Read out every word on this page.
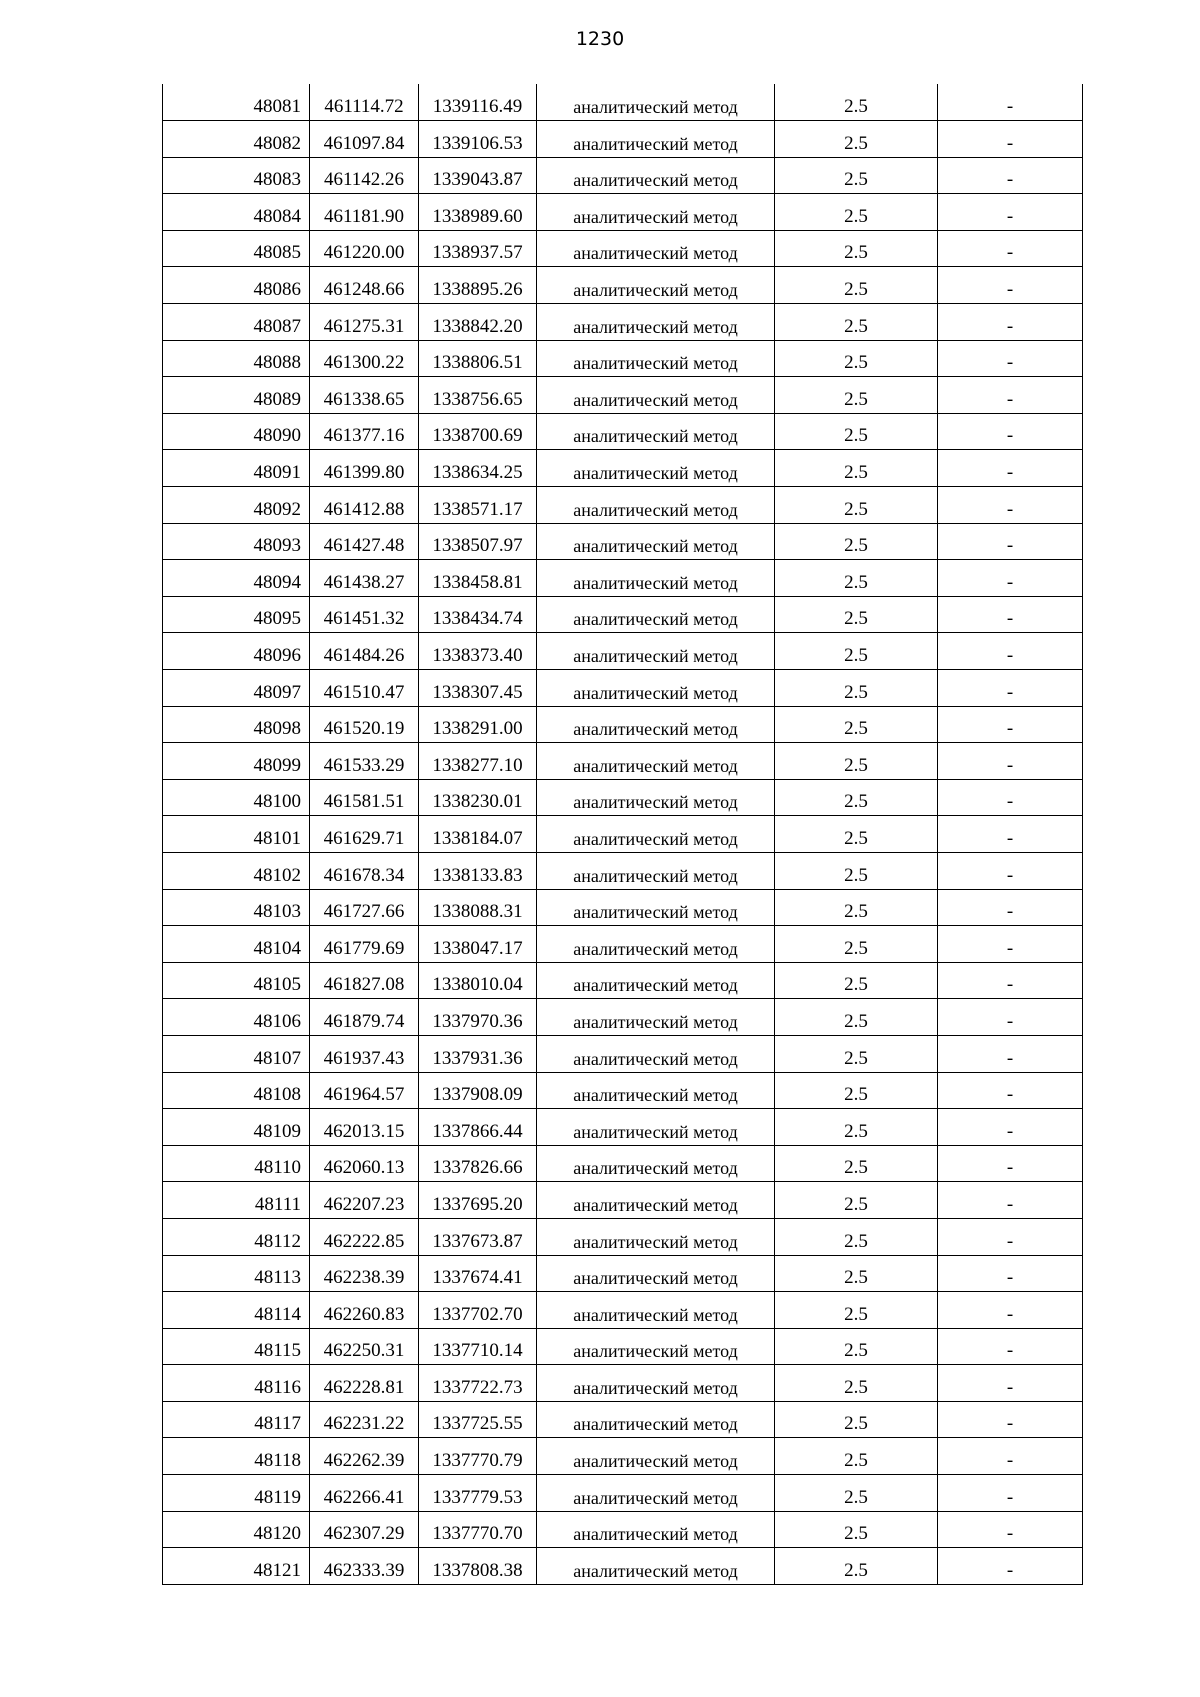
1230
48081	461114.72	1339116.49	аналитический метод	2.5	-
48082	461097.84	1339106.53	аналитический метод	2.5	-
48083	461142.26	1339043.87	аналитический метод	2.5	-
48084	461181.90	1338989.60	аналитический метод	2.5	-
48085	461220.00	1338937.57	аналитический метод	2.5	-
48086	461248.66	1338895.26	аналитический метод	2.5	-
48087	461275.31	1338842.20	аналитический метод	2.5	-
48088	461300.22	1338806.51	аналитический метод	2.5	-
48089	461338.65	1338756.65	аналитический метод	2.5	-
48090	461377.16	1338700.69	аналитический метод	2.5	-
48091	461399.80	1338634.25	аналитический метод	2.5	-
48092	461412.88	1338571.17	аналитический метод	2.5	-
48093	461427.48	1338507.97	аналитический метод	2.5	-
48094	461438.27	1338458.81	аналитический метод	2.5	-
48095	461451.32	1338434.74	аналитический метод	2.5	-
48096	461484.26	1338373.40	аналитический метод	2.5	-
48097	461510.47	1338307.45	аналитический метод	2.5	-
48098	461520.19	1338291.00	аналитический метод	2.5	-
48099	461533.29	1338277.10	аналитический метод	2.5	-
48100	461581.51	1338230.01	аналитический метод	2.5	-
48101	461629.71	1338184.07	аналитический метод	2.5	-
48102	461678.34	1338133.83	аналитический метод	2.5	-
48103	461727.66	1338088.31	аналитический метод	2.5	-
48104	461779.69	1338047.17	аналитический метод	2.5	-
48105	461827.08	1338010.04	аналитический метод	2.5	-
48106	461879.74	1337970.36	аналитический метод	2.5	-
48107	461937.43	1337931.36	аналитический метод	2.5	-
48108	461964.57	1337908.09	аналитический метод	2.5	-
48109	462013.15	1337866.44	аналитический метод	2.5	-
48110	462060.13	1337826.66	аналитический метод	2.5	-
48111	462207.23	1337695.20	аналитический метод	2.5	-
48112	462222.85	1337673.87	аналитический метод	2.5	-
48113	462238.39	1337674.41	аналитический метод	2.5	-
48114	462260.83	1337702.70	аналитический метод	2.5	-
48115	462250.31	1337710.14	аналитический метод	2.5	-
48116	462228.81	1337722.73	аналитический метод	2.5	-
48117	462231.22	1337725.55	аналитический метод	2.5	-
48118	462262.39	1337770.79	аналитический метод	2.5	-
48119	462266.41	1337779.53	аналитический метод	2.5	-
48120	462307.29	1337770.70	аналитический метод	2.5	-
48121	462333.39	1337808.38	аналитический метод	2.5	-
